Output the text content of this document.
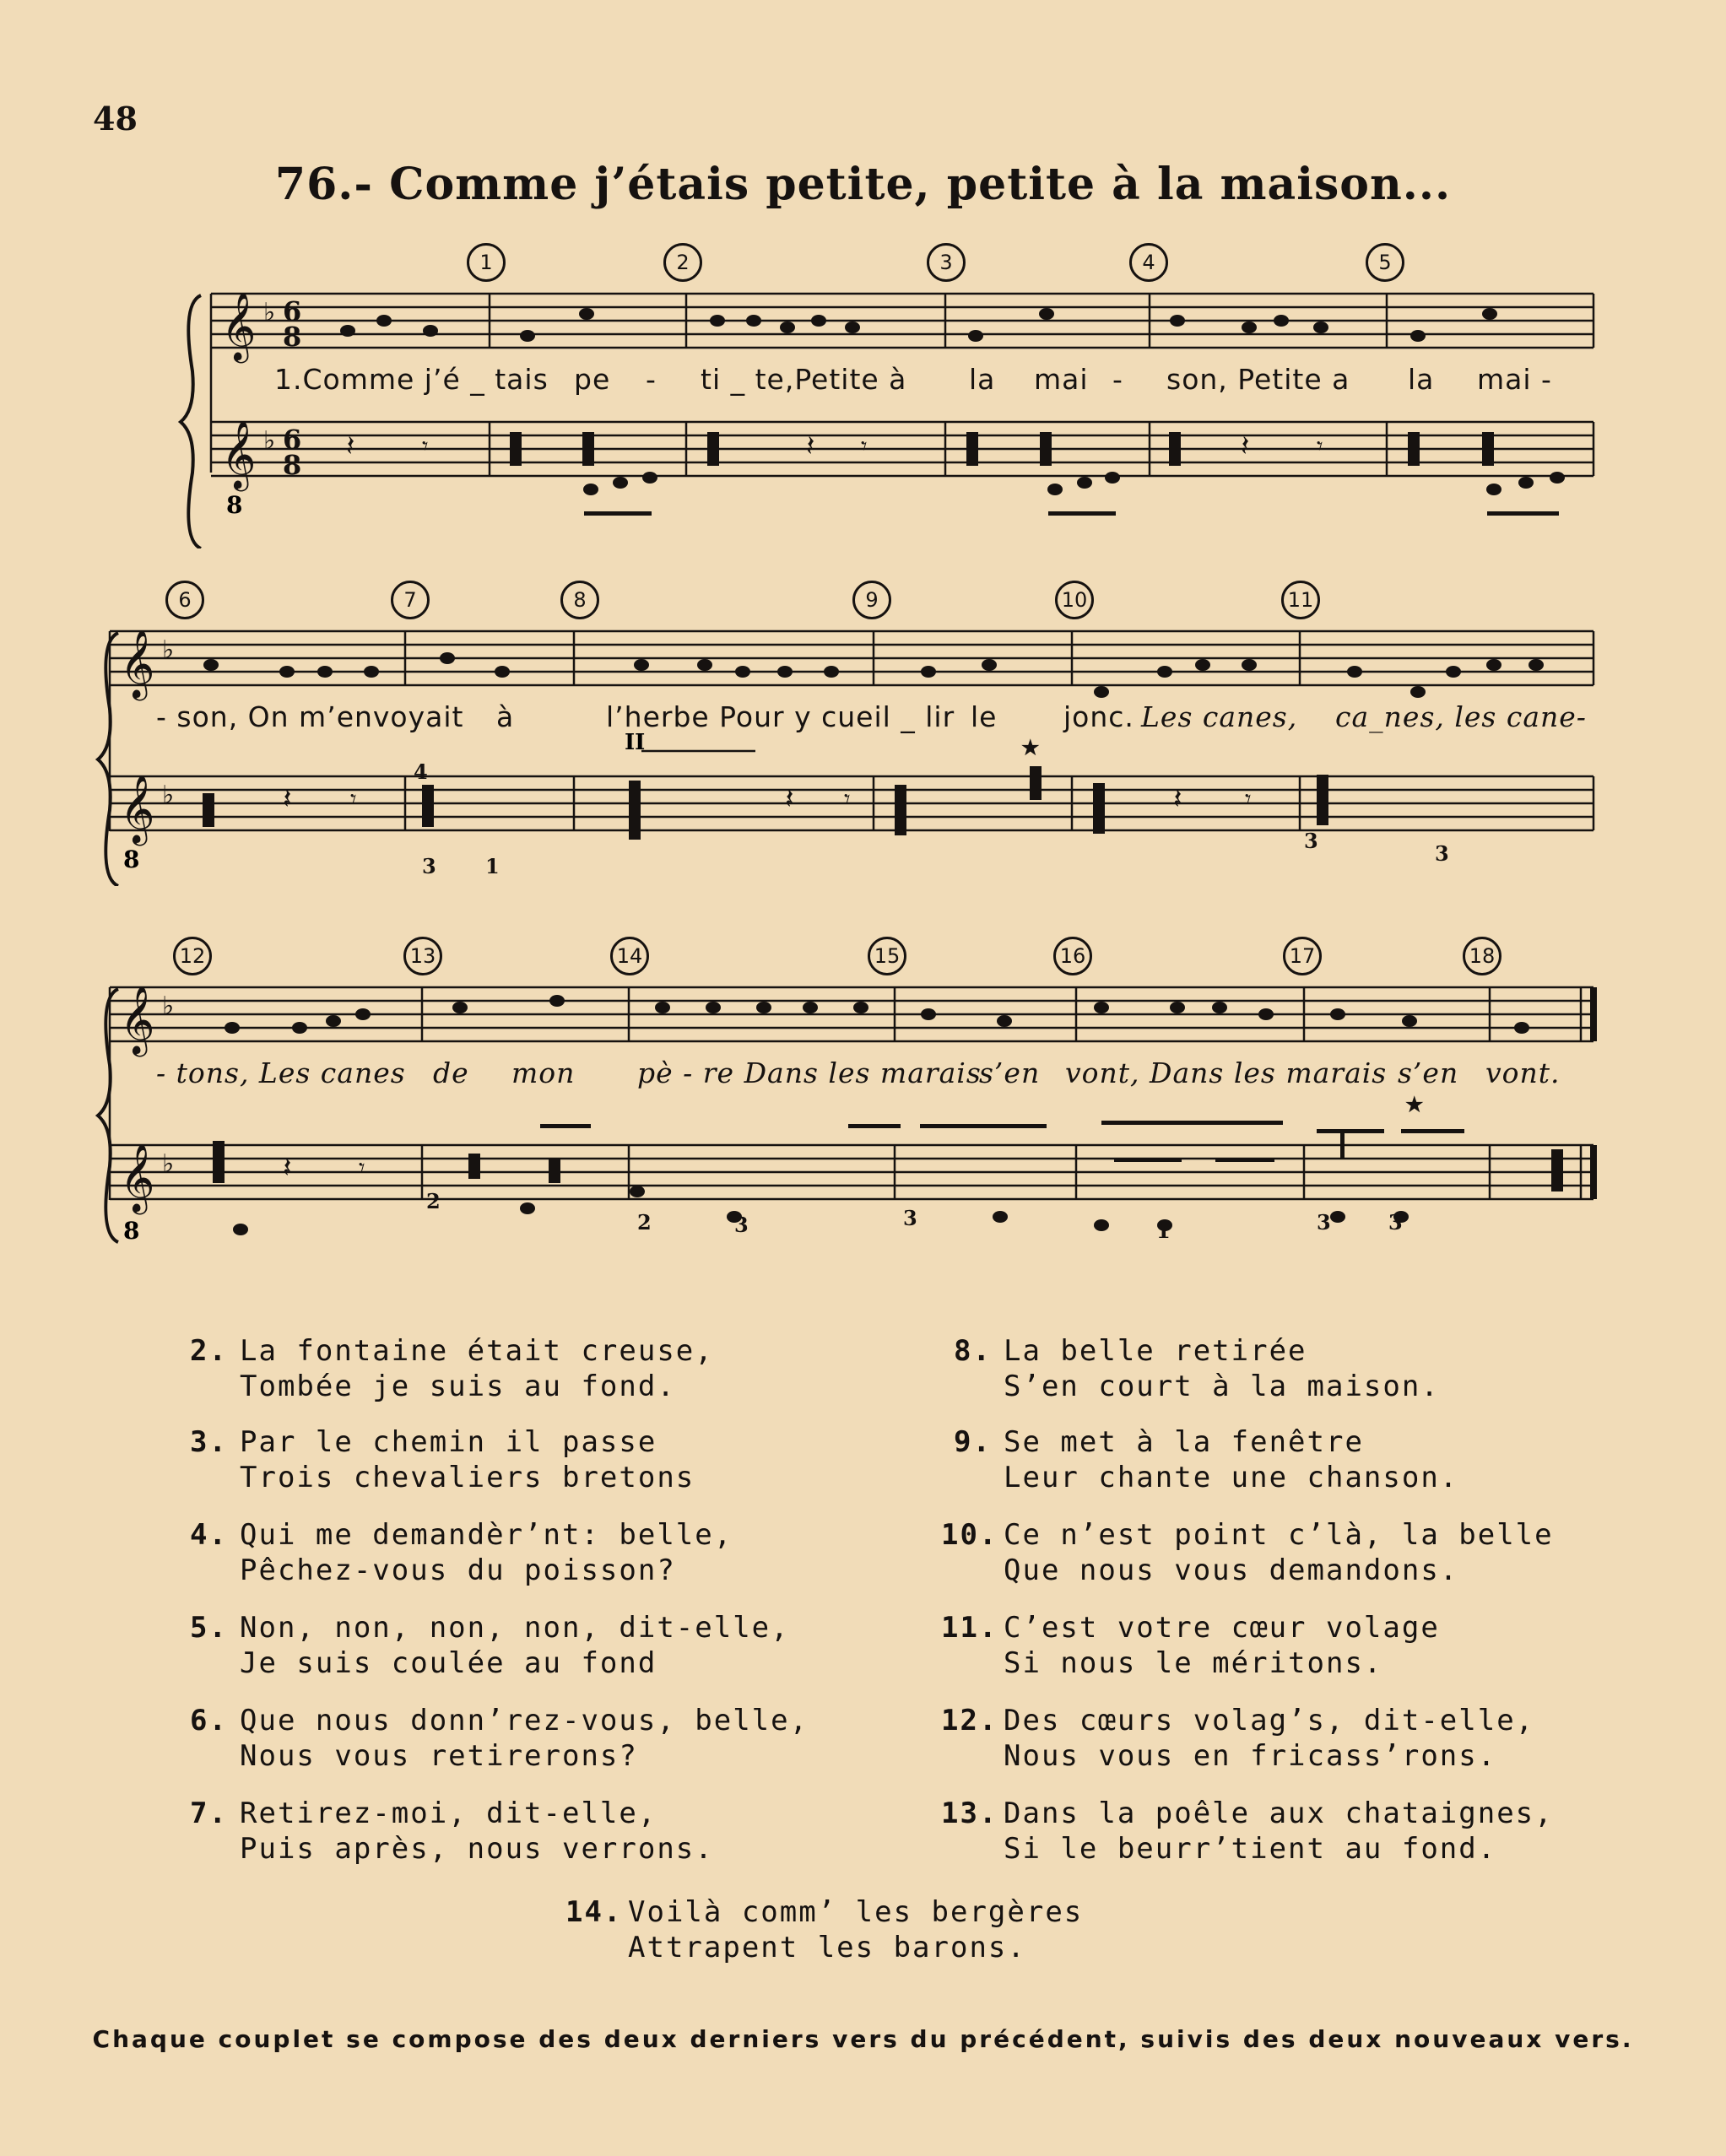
48
76.- Comme j’étais petite, petite à la maison...
𝄞
𝄞
♭
♭
6
8
6
8
𝄽	𝄾	𝄽 𝄾	𝄽	𝄾
8
1	2	3	4	5
1.Comme j’é _ tais pe - ti _ te,Petite à la mai - son, Petite a la mai -
𝄞
𝄞
♭
♭	𝄽 𝄾	𝄽 𝄾	𝄽	𝄾
4
3 1
★
3
3
II
8
6	7	8	9	10	11
- son, On m’envoyait à	l’herbe Pour y cueil _ lir le jonc. Les canes, ca_nes, les cane-
𝄞
𝄞
♭
♭	𝄽	𝄾
★
2
2	3	3
1	3	3
8
12	13	14	15	16	17	18
- tons, Les canes de mon pè - re Dans les marais
s’en vont, Dans les marais s’en vont.
2. La fontaine était creuse,
Tombée je suis au fond.
3. Par le chemin il passe
Trois chevaliers bretons
4. Qui me demandèr’nt: belle,
Pêchez-vous du poisson?
5. Non, non, non, non, dit-elle,
Je suis coulée au fond
6. Que nous donn’rez-vous, belle,
Nous vous retirerons?
7. Retirez-moi, dit-elle,
Puis après, nous verrons.
8. La belle retirée
S’en court à la maison.
9. Se met à la fenêtre
Leur chante une chanson.
10. Ce n’est point c’là, la belle
Que nous vous demandons.
11. C’est votre cœur volage
Si nous le méritons.
12. Des cœurs volag’s, dit-elle,
Nous vous en fricass’rons.
13. Dans la poêle aux chataignes,
Si le beurr’tient au fond.
14. Voilà comm’ les bergères
Attrapent les barons.
Chaque couplet se compose des deux derniers vers du précédent, suivis des deux nouveaux vers.
